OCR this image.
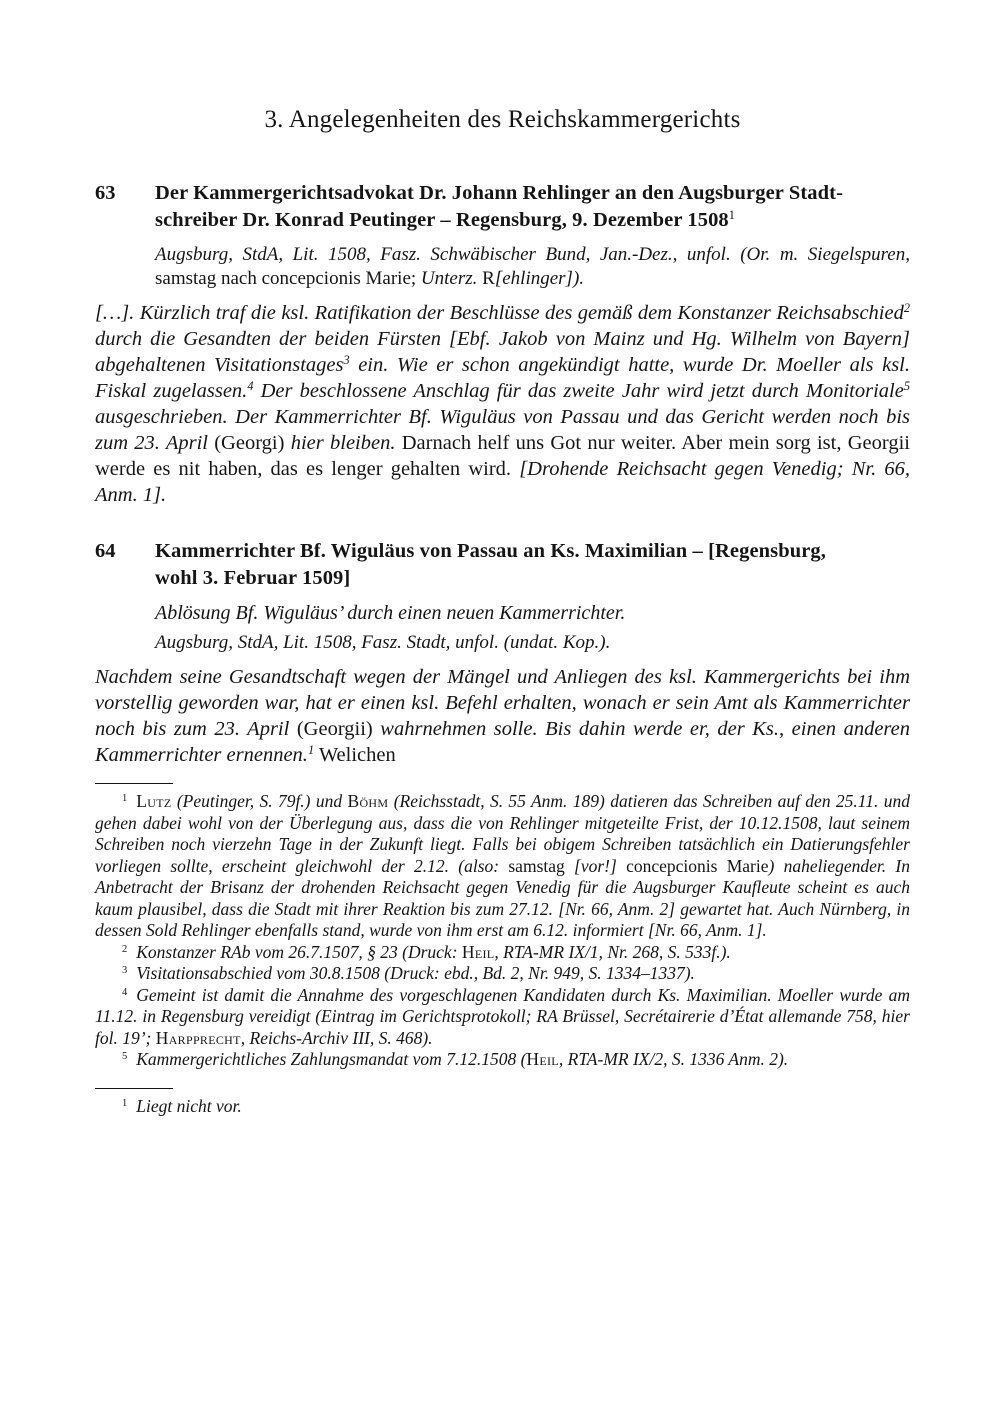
3. Angelegenheiten des Reichskammergerichts
63	Der Kammergerichtsadvokat Dr. Johann Rehlinger an den Augsburger Stadt-
schreiber Dr. Konrad Peutinger – Regensburg, 9. Dezember 1508$^1$

Augsburg, StdA, Lit. 1508, Fasz. Schwäbischer Bund, Jan.-Dez., unfol. (Or. m. Siegelspuren, samstag nach concepcionis Marie; Unterz. R[ehlinger]).

[…]. Kürzlich traf die ksl. Ratifikation der Beschlüsse des gemäß dem Konstanzer Reichsabschied$^2$ durch die Gesandten der beiden Fürsten [Ebf. Jakob von Mainz und Hg. Wilhelm von Bayern] abgehaltenen Visitationstages$^3$ ein. Wie er schon angekündigt hatte, wurde Dr. Moeller als ksl. Fiskal zugelassen.$^4$ Der beschlossene Anschlag für das zweite Jahr wird jetzt durch Monitoriale$^5$ ausgeschrieben. Der Kammerrichter Bf. Wiguläus von Passau und das Gericht werden noch bis zum 23. April (Georgi) hier bleiben. Darnach helf uns Got nur weiter. Aber mein sorg ist, Georgii werde es nit haben, das es lenger gehalten wird. [Drohende Reichsacht gegen Venedig; Nr. 66, Anm. 1].

64	Kammerrichter Bf. Wiguläus von Passau an Ks. Maximilian – [Regensburg,
wohl 3. Februar 1509]

Ablösung Bf. Wiguläus’ durch einen neuen Kammerrichter.

Augsburg, StdA, Lit. 1508, Fasz. Stadt, unfol. (undat. Kop.).

Nachdem seine Gesandtschaft wegen der Mängel und Anliegen des ksl. Kammergerichts bei ihm vorstellig geworden war, hat er einen ksl. Befehl erhalten, wonach er sein Amt als Kammerrichter noch bis zum 23. April (Georgii) wahrnehmen solle. Bis dahin werde er, der Ks., einen anderen Kammerrichter ernennen.$^1$ Welichen

$^1$ Lutz (Peutinger, S. 79f.) und Böhm (Reichsstadt, S. 55 Anm. 189) datieren das Schreiben auf den 25.11. und gehen dabei wohl von der Überlegung aus, dass die von Rehlinger mitgeteilte Frist, der 10.12.1508, laut seinem Schreiben noch vierzehn Tage in der Zukunft liegt. Falls bei obigem Schreiben tatsächlich ein Datierungsfehler vorliegen sollte, erscheint gleichwohl der 2.12. (also: samstag [vor!] concepcionis Marie) naheliegender. In Anbetracht der Brisanz der drohenden Reichsacht gegen Venedig für die Augsburger Kaufleute scheint es auch kaum plausibel, dass die Stadt mit ihrer Reaktion bis zum 27.12. [Nr. 66, Anm. 2] gewartet hat. Auch Nürnberg, in dessen Sold Rehlinger ebenfalls stand, wurde von ihm erst am 6.12. informiert [Nr. 66, Anm. 1].

$^2$ Konstanzer RAb vom 26.7.1507, § 23 (Druck: Heil, RTA-MR IX/1, Nr. 268, S. 533f.).

$^3$ Visitationsabschied vom 30.8.1508 (Druck: ebd., Bd. 2, Nr. 949, S. 1334–1337).

$^4$ Gemeint ist damit die Annahme des vorgeschlagenen Kandidaten durch Ks. Maximilian. Moeller wurde am 11.12. in Regensburg vereidigt (Eintrag im Gerichtsprotokoll; RA Brüssel, Secrétairerie d’État allemande 758, hier fol. 19’; Harpprecht, Reichs-Archiv III, S. 468).

$^5$ Kammergerichtliches Zahlungsmandat vom 7.12.1508 (Heil, RTA-MR IX/2, S. 1336 Anm. 2).

$^1$ Liegt nicht vor.
